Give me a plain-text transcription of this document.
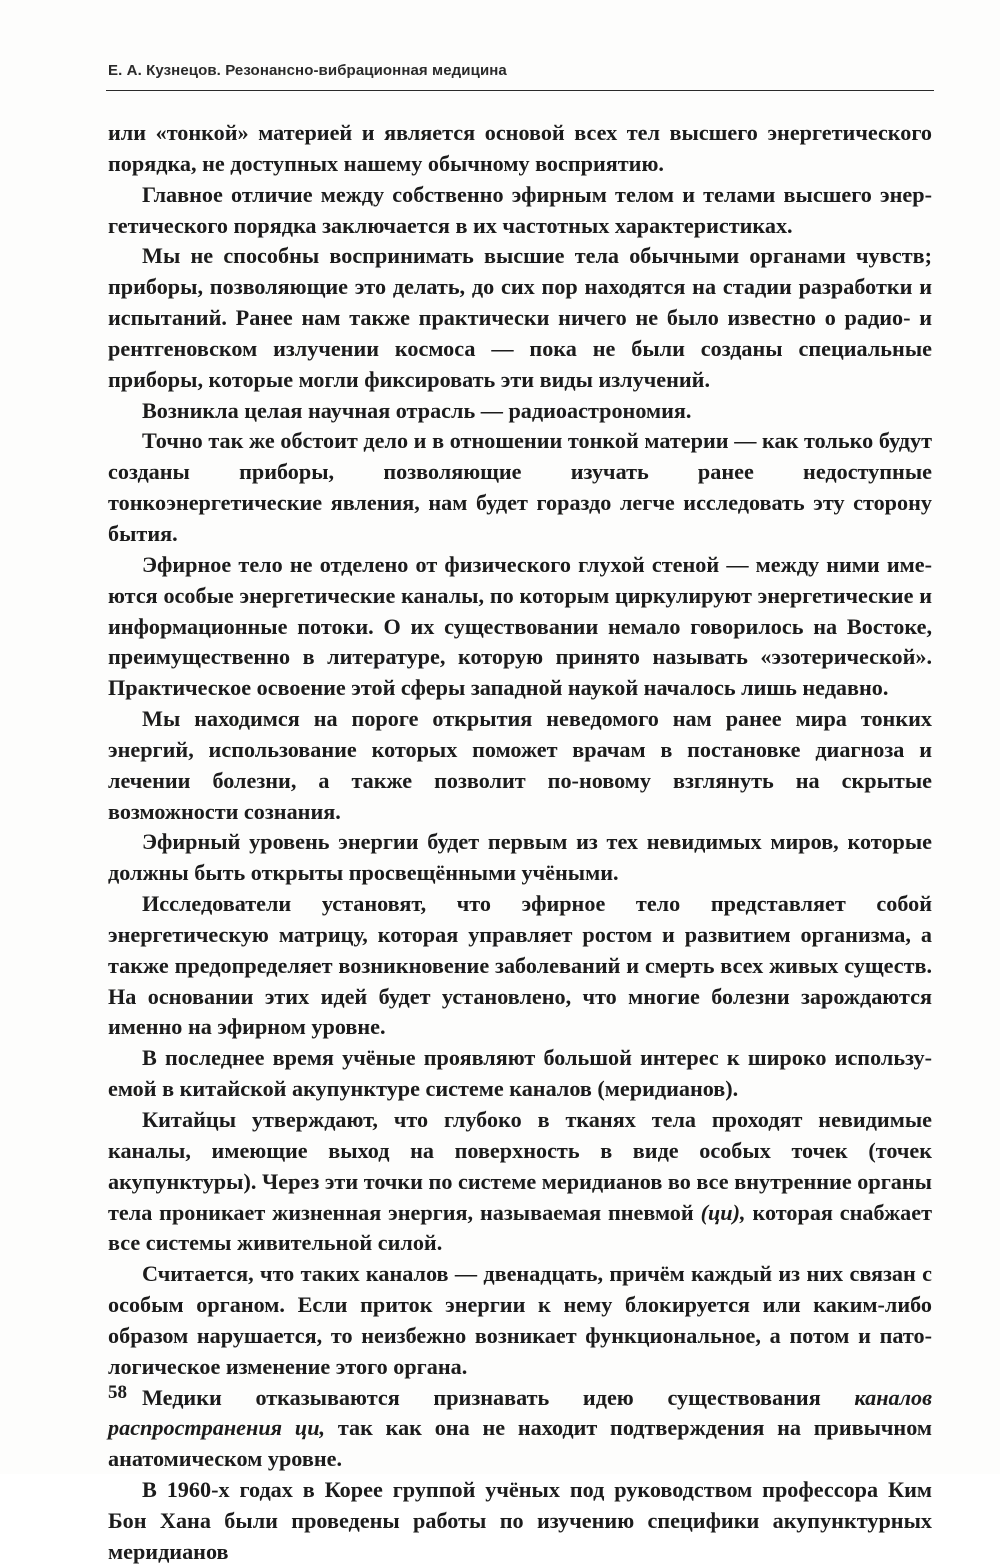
Е. А. Кузнецов. Резонансно-вибрационная медицина

или «тонкой» материей и является основой всех тел высшего энергетического порядка, не доступных нашему обычному восприятию.

Главное отличие между собственно эфирным телом и телами высшего энергетического порядка заключается в их частотных характеристиках.

Мы не способны воспринимать высшие тела обычными органами чувств; приборы, позволяющие это делать, до сих пор находятся на стадии разработки и испытаний. Ранее нам также практически ничего не было известно о радио- и рентгеновском излучении космоса — пока не были созданы специальные приборы, которые могли фиксировать эти виды излучений.

Возникла целая научная отрасль — радиоастрономия.

Точно так же обстоит дело и в отношении тонкой материи — как только будут созданы приборы, позволяющие изучать ранее недоступные тонкоэнергетические явления, нам будет гораздо легче исследовать эту сторону бытия.

Эфирное тело не отделено от физического глухой стеной — между ними имеются особые энергетические каналы, по которым циркулируют энергетические и информационные потоки. О их существовании немало говорилось на Востоке, преимущественно в литературе, которую принято называть «эзотерической». Практическое освоение этой сферы западной наукой началось лишь недавно.

Мы находимся на пороге открытия неведомого нам ранее мира тонких энергий, использование которых поможет врачам в постановке диагноза и лечении болезни, а также позволит по-новому взглянуть на скрытые возможности сознания.

Эфирный уровень энергии будет первым из тех невидимых миров, которые должны быть открыты просвещёнными учёными.

Исследователи установят, что эфирное тело представляет собой энергетическую матрицу, которая управляет ростом и развитием организма, а также предопределяет возникновение заболеваний и смерть всех живых существ. На основании этих идей будет установлено, что многие болезни зарождаются именно на эфирном уровне.

В последнее время учёные проявляют большой интерес к широко используемой в китайской акупунктуре системе каналов (меридианов).

Китайцы утверждают, что глубоко в тканях тела проходят невидимые каналы, имеющие выход на поверхность в виде особых точек (точек акупунктуры). Через эти точки по системе меридианов во все внутренние органы тела проникает жизненная энергия, называемая пневмой (ци), которая снабжает все системы живительной силой.

Считается, что таких каналов — двенадцать, причём каждый из них связан с особым органом. Если приток энергии к нему блокируется или каким-либо образом нарушается, то неизбежно возникает функциональное, а потом и патологическое изменение этого органа.

Медики отказываются признавать идею существования каналов распространения ци, так как она не находит подтверждения на привычном анатомическом уровне.

В 1960-х годах в Корее группой учёных под руководством профессора Ким Бон Хана были проведены работы по изучению специфики акупунктурных меридианов

58
